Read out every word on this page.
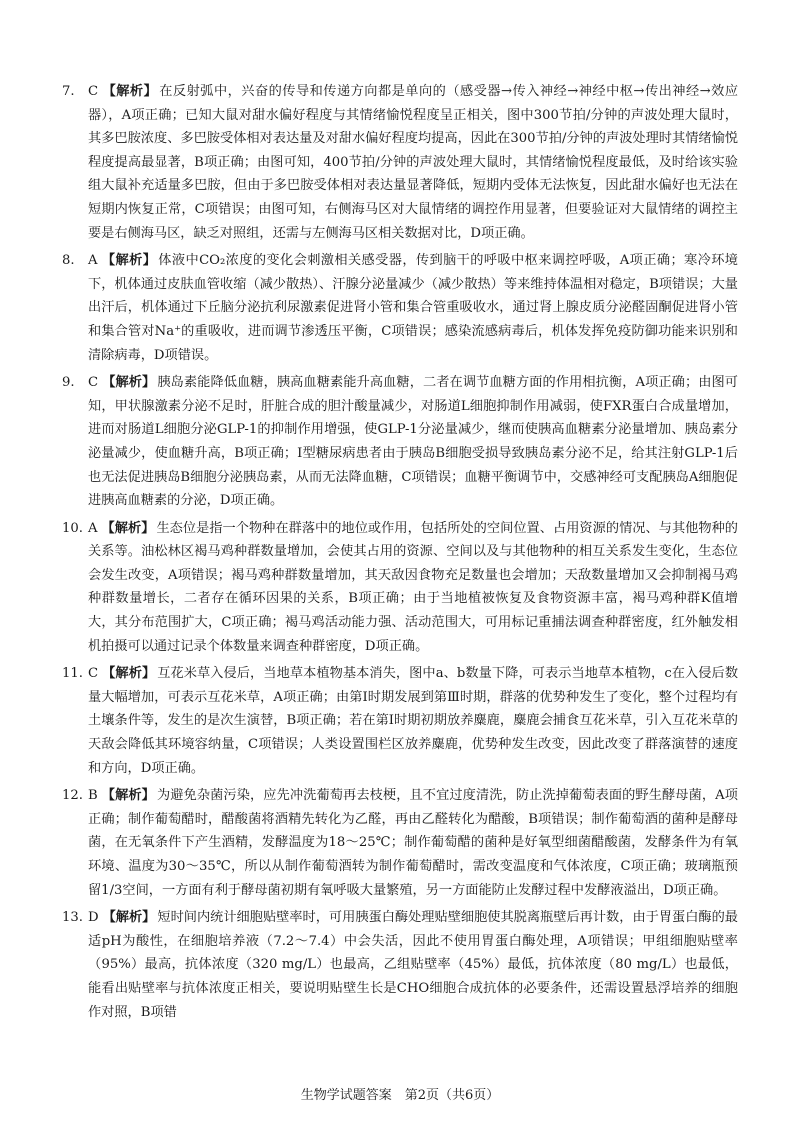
7. C 【解析】 在反射弧中，兴奋的传导和传递方向都是单向的（感受器→传入神经→神经中枢→传出神经→效应器），A项正确；已知大鼠对甜水偏好程度与其情绪愉悦程度呈正相关，图中300节拍/分钟的声波处理大鼠时，其多巴胺浓度、多巴胺受体相对表达量及对甜水偏好程度均提高，因此在300节拍/分钟的声波处理时其情绪愉悦程度提高最显著，B项正确；由图可知，400节拍/分钟的声波处理大鼠时，其情绪愉悦程度最低，及时给该实验组大鼠补充适量多巴胺，但由于多巴胺受体相对表达量显著降低，短期内受体无法恢复，因此甜水偏好也无法在短期内恢复正常，C项错误；由图可知，右侧海马区对大鼠情绪的调控作用显著，但要验证对大鼠情绪的调控主要是右侧海马区，缺乏对照组，还需与左侧海马区相关数据对比，D项正确。

8. A 【解析】 体液中CO₂浓度的变化会刺激相关感受器，传到脑干的呼吸中枢来调控呼吸，A项正确；寒冷环境下，机体通过皮肤血管收缩（减少散热）、汗腺分泌量减少（减少散热）等来维持体温相对稳定，B项错误；大量出汗后，机体通过下丘脑分泌抗利尿激素促进肾小管和集合管重吸收水，通过肾上腺皮质分泌醛固酮促进肾小管和集合管对Na⁺的重吸收，进而调节渗透压平衡，C项错误；感染流感病毒后，机体发挥免疫防御功能来识别和清除病毒，D项错误。

9. C 【解析】 胰岛素能降低血糖，胰高血糖素能升高血糖，二者在调节血糖方面的作用相抗衡，A项正确；由图可知，甲状腺激素分泌不足时，肝脏合成的胆汁酸量减少，对肠道L细胞抑制作用减弱，使FXR蛋白合成量增加，进而对肠道L细胞分泌GLP-1的抑制作用增强，使GLP-1分泌量减少，继而使胰高血糖素分泌量增加、胰岛素分泌量减少，使血糖升高，B项正确；Ⅰ型糖尿病患者由于胰岛B细胞受损导致胰岛素分泌不足，给其注射GLP-1后也无法促进胰岛B细胞分泌胰岛素，从而无法降血糖，C项错误；血糖平衡调节中，交感神经可支配胰岛A细胞促进胰高血糖素的分泌，D项正确。

10. A 【解析】 生态位是指一个物种在群落中的地位或作用，包括所处的空间位置、占用资源的情况、与其他物种的关系等。油松林区褐马鸡种群数量增加，会使其占用的资源、空间以及与其他物种的相互关系发生变化，生态位会发生改变，A项错误；褐马鸡种群数量增加，其天敌因食物充足数量也会增加；天敌数量增加又会抑制褐马鸡种群数量增长，二者存在循环因果的关系，B项正确；由于当地植被恢复及食物资源丰富，褐马鸡种群K值增大，其分布范围扩大，C项正确；褐马鸡活动能力强、活动范围大，可用标记重捕法调查种群密度，红外触发相机拍摄可以通过记录个体数量来调查种群密度，D项正确。

11. C 【解析】 互花米草入侵后，当地草本植物基本消失，图中a、b数量下降，可表示当地草本植物，c在入侵后数量大幅增加，可表示互花米草，A项正确；由第Ⅰ时期发展到第Ⅲ时期，群落的优势种发生了变化，整个过程均有土壤条件等，发生的是次生演替，B项正确；若在第Ⅰ时期初期放养麋鹿，麋鹿会捕食互花米草，引入互花米草的天敌会降低其环境容纳量，C项错误；人类设置围栏区放养麋鹿，优势种发生改变，因此改变了群落演替的速度和方向，D项正确。

12. B 【解析】 为避免杂菌污染，应先冲洗葡萄再去枝梗，且不宜过度清洗，防止洗掉葡萄表面的野生酵母菌，A项正确；制作葡萄醋时，醋酸菌将酒精先转化为乙醛，再由乙醛转化为醋酸，B项错误；制作葡萄酒的菌种是酵母菌，在无氧条件下产生酒精，发酵温度为18～25℃；制作葡萄醋的菌种是好氧型细菌醋酸菌，发酵条件为有氧环境、温度为30～35℃，所以从制作葡萄酒转为制作葡萄醋时，需改变温度和气体浓度，C项正确；玻璃瓶预留1/3空间，一方面有利于酵母菌初期有氧呼吸大量繁殖，另一方面能防止发酵过程中发酵液溢出，D项正确。

13. D 【解析】 短时间内统计细胞贴壁率时，可用胰蛋白酶处理贴壁细胞使其脱离瓶壁后再计数，由于胃蛋白酶的最适pH为酸性，在细胞培养液（7.2～7.4）中会失活，因此不使用胃蛋白酶处理，A项错误；甲组细胞贴壁率（95%）最高，抗体浓度（320 mg/L）也最高，乙组贴壁率（45%）最低，抗体浓度（80 mg/L）也最低，能看出贴壁率与抗体浓度正相关，要说明贴壁生长是CHO细胞合成抗体的必要条件，还需设置悬浮培养的细胞作对照，B项错

生物学试题答案　第2页（共6页）
